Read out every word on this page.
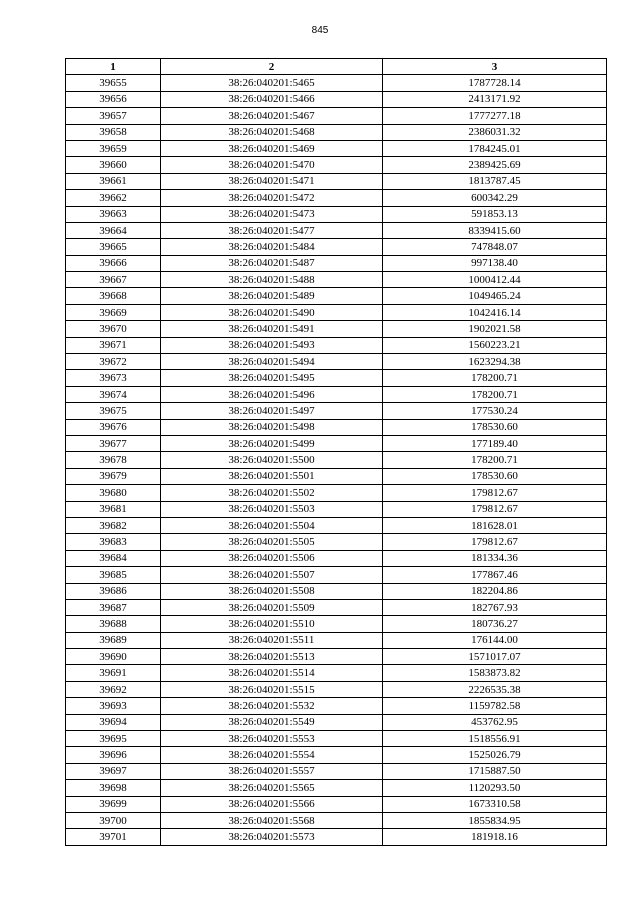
845
1	2	3
39655	38:26:040201:5465	1787728.14
39656	38:26:040201:5466	2413171.92
39657	38:26:040201:5467	1777277.18
39658	38:26:040201:5468	2386031.32
39659	38:26:040201:5469	1784245.01
39660	38:26:040201:5470	2389425.69
39661	38:26:040201:5471	1813787.45
39662	38:26:040201:5472	600342.29
39663	38:26:040201:5473	591853.13
39664	38:26:040201:5477	8339415.60
39665	38:26:040201:5484	747848.07
39666	38:26:040201:5487	997138.40
39667	38:26:040201:5488	1000412.44
39668	38:26:040201:5489	1049465.24
39669	38:26:040201:5490	1042416.14
39670	38:26:040201:5491	1902021.58
39671	38:26:040201:5493	1560223.21
39672	38:26:040201:5494	1623294.38
39673	38:26:040201:5495	178200.71
39674	38:26:040201:5496	178200.71
39675	38:26:040201:5497	177530.24
39676	38:26:040201:5498	178530.60
39677	38:26:040201:5499	177189.40
39678	38:26:040201:5500	178200.71
39679	38:26:040201:5501	178530.60
39680	38:26:040201:5502	179812.67
39681	38:26:040201:5503	179812.67
39682	38:26:040201:5504	181628.01
39683	38:26:040201:5505	179812.67
39684	38:26:040201:5506	181334.36
39685	38:26:040201:5507	177867.46
39686	38:26:040201:5508	182204.86
39687	38:26:040201:5509	182767.93
39688	38:26:040201:5510	180736.27
39689	38:26:040201:5511	176144.00
39690	38:26:040201:5513	1571017.07
39691	38:26:040201:5514	1583873.82
39692	38:26:040201:5515	2226535.38
39693	38:26:040201:5532	1159782.58
39694	38:26:040201:5549	453762.95
39695	38:26:040201:5553	1518556.91
39696	38:26:040201:5554	1525026.79
39697	38:26:040201:5557	1715887.50
39698	38:26:040201:5565	1120293.50
39699	38:26:040201:5566	1673310.58
39700	38:26:040201:5568	1855834.95
39701	38:26:040201:5573	181918.16
